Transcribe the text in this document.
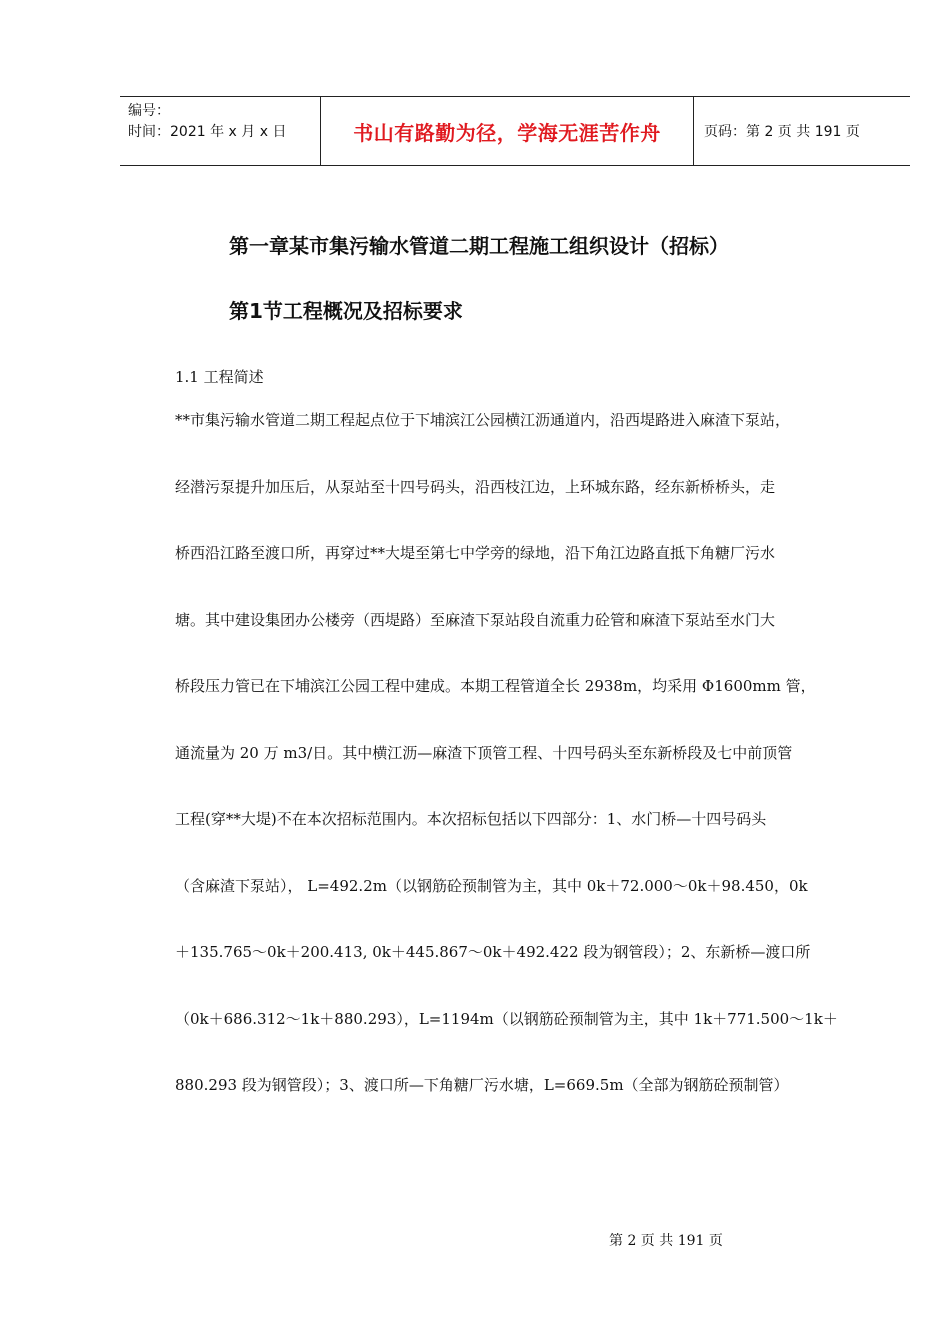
编号：
时间：2021 年 x 月 x 日	书山有路勤为径，学海无涯苦作舟	页码：第 2 页 共 191 页
第一章某市集污输水管道二期工程施工组织设计（招标）
第1节工程概况及招标要求
1.1 工程简述
**市集污输水管道二期工程起点位于下埔滨江公园横江沥通道内，沿西堤路进入麻渣下泵站，
经潜污泵提升加压后，从泵站至十四号码头，沿西枝江边，上环城东路，经东新桥桥头，走
桥西沿江路至渡口所，再穿过**大堤至第七中学旁的绿地，沿下角江边路直抵下角糖厂污水
塘。其中建设集团办公楼旁（西堤路）至麻渣下泵站段自流重力砼管和麻渣下泵站至水门大
桥段压力管已在下埔滨江公园工程中建成。本期工程管道全长 2938m，均采用 Φ1600mm 管，
通流量为 20 万 m3/日。其中横江沥—麻渣下顶管工程、十四号码头至东新桥段及七中前顶管
工程(穿**大堤)不在本次招标范围内。本次招标包括以下四部分：1、水门桥—十四号码头
（含麻渣下泵站）， L=492.2m（以钢筋砼预制管为主，其中 0k＋72.000～0k＋98.450，0k
＋135.765～0k＋200.413, 0k＋445.867～0k＋492.422 段为钢管段）；2、东新桥—渡口所
（0k＋686.312～1k＋880.293），L=1194m（以钢筋砼预制管为主，其中 1k＋771.500～1k＋
880.293 段为钢管段）；3、渡口所—下角糖厂污水塘，L=669.5m（全部为钢筋砼预制管）
第 2 页 共 191 页
